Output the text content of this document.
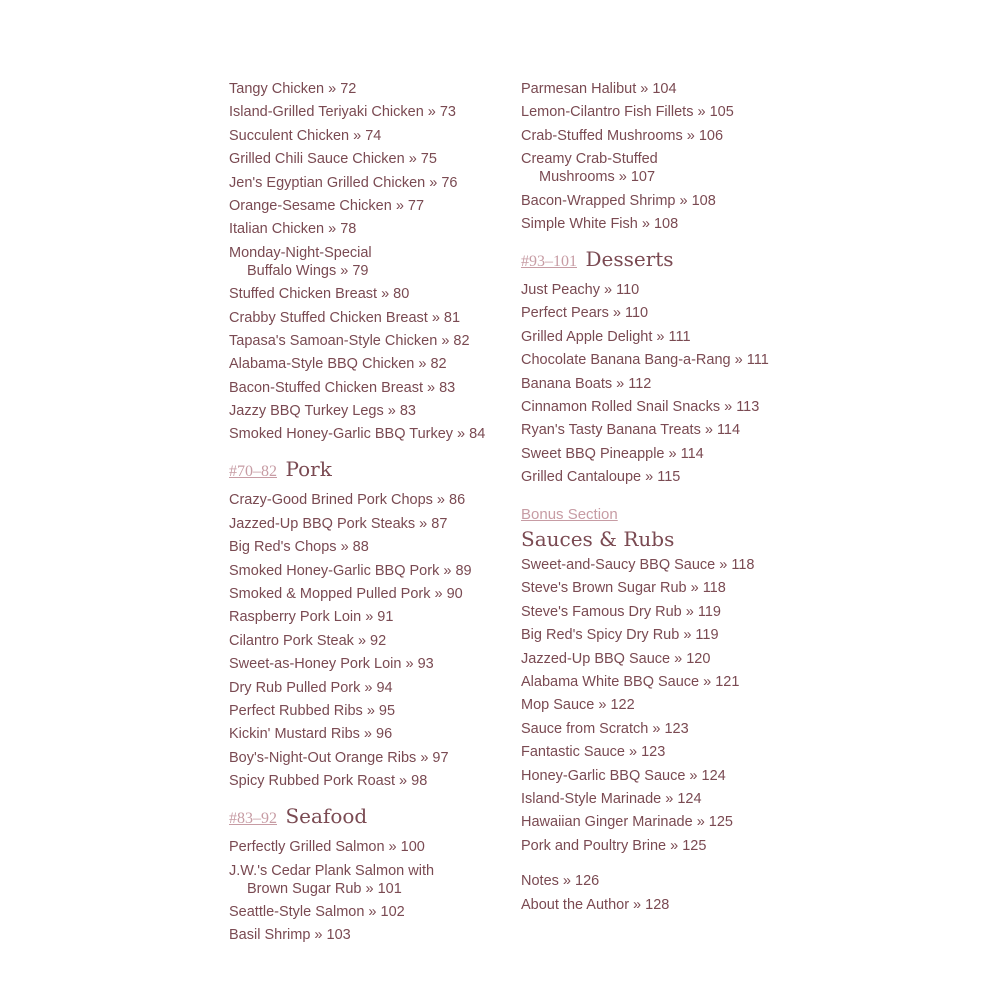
Tangy Chicken » 72
Island-Grilled Teriyaki Chicken » 73
Succulent Chicken » 74
Grilled Chili Sauce Chicken » 75
Jen's Egyptian Grilled Chicken » 76
Orange-Sesame Chicken » 77
Italian Chicken » 78
Monday-Night-Special
Buffalo Wings » 79
Stuffed Chicken Breast » 80
Crabby Stuffed Chicken Breast » 81
Tapasa's Samoan-Style Chicken » 82
Alabama-Style BBQ Chicken » 82
Bacon-Stuffed Chicken Breast » 83
Jazzy BBQ Turkey Legs » 83
Smoked Honey-Garlic BBQ Turkey » 84
#70–82 Pork
Crazy-Good Brined Pork Chops » 86
Jazzed-Up BBQ Pork Steaks » 87
Big Red's Chops » 88
Smoked Honey-Garlic BBQ Pork » 89
Smoked & Mopped Pulled Pork » 90
Raspberry Pork Loin » 91
Cilantro Pork Steak » 92
Sweet-as-Honey Pork Loin » 93
Dry Rub Pulled Pork » 94
Perfect Rubbed Ribs » 95
Kickin' Mustard Ribs » 96
Boy's-Night-Out Orange Ribs » 97
Spicy Rubbed Pork Roast » 98
#83–92 Seafood
Perfectly Grilled Salmon » 100
J.W.'s Cedar Plank Salmon with
Brown Sugar Rub » 101
Seattle-Style Salmon » 102
Basil Shrimp » 103
Parmesan Halibut » 104
Lemon-Cilantro Fish Fillets » 105
Crab-Stuffed Mushrooms » 106
Creamy Crab-Stuffed
Mushrooms » 107
Bacon-Wrapped Shrimp » 108
Simple White Fish » 108
#93–101 Desserts
Just Peachy » 110
Perfect Pears » 110
Grilled Apple Delight » 111
Chocolate Banana Bang-a-Rang » 111
Banana Boats » 112
Cinnamon Rolled Snail Snacks » 113
Ryan's Tasty Banana Treats » 114
Sweet BBQ Pineapple » 114
Grilled Cantaloupe » 115
Bonus Section
Sauces & Rubs
Sweet-and-Saucy BBQ Sauce » 118
Steve's Brown Sugar Rub » 118
Steve's Famous Dry Rub » 119
Big Red's Spicy Dry Rub » 119
Jazzed-Up BBQ Sauce » 120
Alabama White BBQ Sauce » 121
Mop Sauce » 122
Sauce from Scratch » 123
Fantastic Sauce » 123
Honey-Garlic BBQ Sauce » 124
Island-Style Marinade » 124
Hawaiian Ginger Marinade » 125
Pork and Poultry Brine » 125
Notes » 126
About the Author » 128
